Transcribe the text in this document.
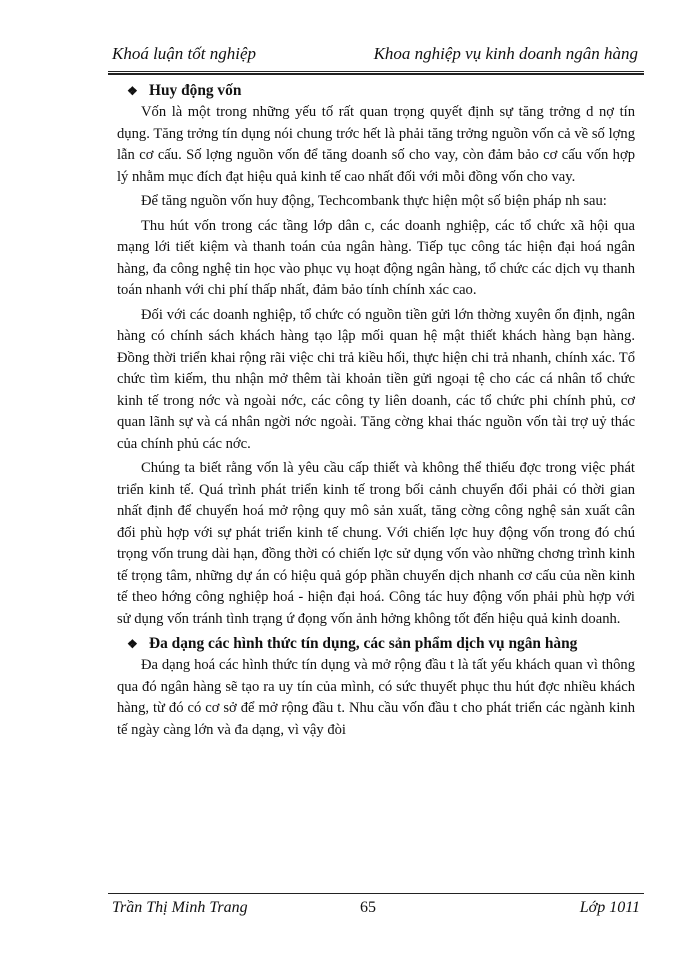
Khoá luận tốt nghiệp	Khoa nghiệp vụ kinh doanh ngân hàng
❖ Huy động vốn

Vốn là một trong những yếu tố rất quan trọng quyết định sự tăng trởng d nợ tín dụng. Tăng trởng tín dụng nói chung trớc hết là phải tăng trởng nguồn vốn cả về số lợng lẫn cơ cấu. Số lợng nguồn vốn để tăng doanh số cho vay, còn đảm bảo cơ cấu vốn hợp lý nhằm mục đích đạt hiệu quả kinh tế cao nhất đối với mỗi đồng vốn cho vay.

Để tăng nguồn vốn huy động, Techcombank thực hiện một số biện pháp nh sau:

Thu hút vốn trong các tầng lớp dân c, các doanh nghiệp, các tổ chức xã hội qua mạng lới tiết kiệm và thanh toán của ngân hàng. Tiếp tục công tác hiện đại hoá ngân hàng, đa công nghệ tin học vào phục vụ hoạt động ngân hàng, tổ chức các dịch vụ thanh toán nhanh với chi phí thấp nhất, đảm bảo tính chính xác cao.

Đối với các doanh nghiệp, tổ chức có nguồn tiền gửi lớn thờng xuyên ổn định, ngân hàng có chính sách khách hàng tạo lập mối quan hệ mật thiết khách hàng bạn hàng. Đồng thời triển khai rộng rãi việc chi trả kiều hối, thực hiện chi trả nhanh, chính xác. Tổ chức tìm kiếm, thu nhận mở thêm tài khoản tiền gửi ngoại tệ cho các cá nhân tổ chức kinh tế trong nớc và ngoài nớc, các công ty liên doanh, các tổ chức phi chính phủ, cơ quan lãnh sự và cá nhân ngời nớc ngoài. Tăng cờng khai thác nguồn vốn tài trợ uỷ thác của chính phủ các nớc.

Chúng ta biết rằng vốn là yêu cầu cấp thiết và không thể thiếu đợc trong việc phát triển kinh tế. Quá trình phát triển kinh tế trong bối cảnh chuyển đổi phải có thời gian nhất định để chuyển hoá mở rộng quy mô sản xuất, tăng cờng công nghệ sản xuất cân đối phù hợp với sự phát triển kinh tế chung. Với chiến lợc huy động vốn trong đó chú trọng vốn trung dài hạn, đồng thời có chiến lợc sử dụng vốn vào những chơng trình kinh tế trọng tâm, những dự án có hiệu quả góp phần chuyển dịch nhanh cơ cấu của nền kinh tế theo hớng công nghiệp hoá - hiện đại hoá. Công tác huy động vốn phải phù hợp với sử dụng vốn tránh tình trạng ứ đọng vốn ảnh hởng không tốt đến hiệu quả kinh doanh.

❖ Đa dạng các hình thức tín dụng, các sản phẩm dịch vụ ngân hàng

Đa dạng hoá các hình thức tín dụng và mở rộng đầu t là tất yếu khách quan vì thông qua đó ngân hàng sẽ tạo ra uy tín của mình, có sức thuyết phục thu hút đợc nhiều khách hàng, từ đó có cơ sở để mở rộng đầu t. Nhu cầu vốn đầu t cho phát triển các ngành kinh tế ngày càng lớn và đa dạng, vì vậy đòi

Trần Thị Minh Trang	65	Lớp 1011
